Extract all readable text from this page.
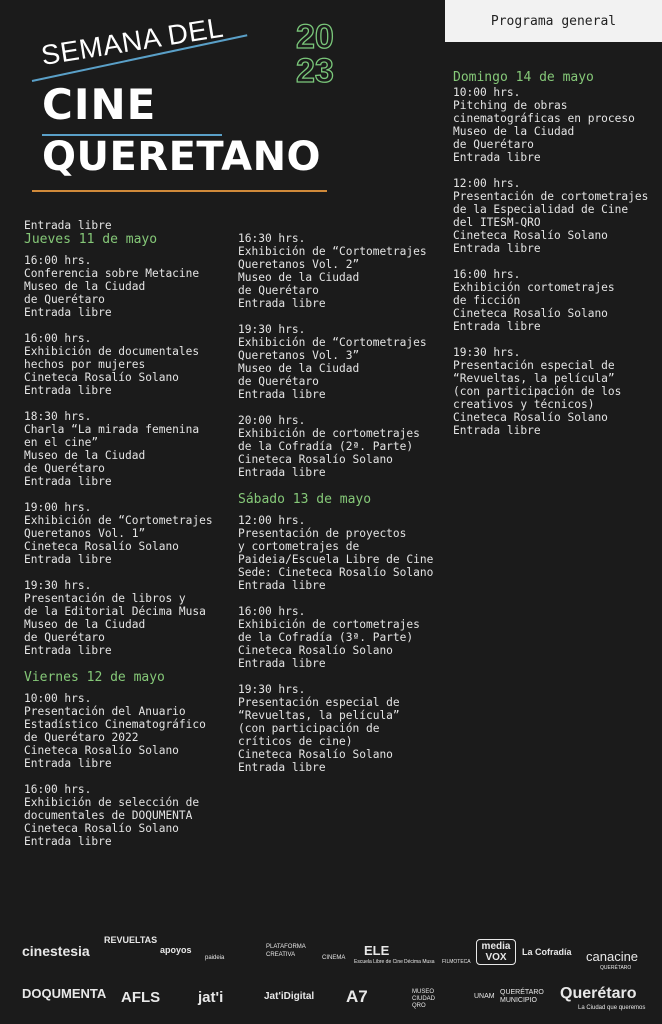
Programa general
SEMANA DEL
CINE
QUERETANO
20
23
Entrada libre
Jueves 11 de mayo
16:00 hrs.
Conferencia sobre Metacine
Museo de la Ciudad
de Querétaro
Entrada libre
16:00 hrs.
Exhibición de documentales
hechos por mujeres
Cineteca Rosalío Solano
Entrada libre
18:30 hrs.
Charla “La mirada femenina
en el cine”
Museo de la Ciudad
de Querétaro
Entrada libre
19:00 hrs.
Exhibición de “Cortometrajes
Queretanos Vol. 1”
Cineteca Rosalío Solano
Entrada libre
19:30 hrs.
Presentación de libros y
de la Editorial Décima Musa
Museo de la Ciudad
de Querétaro
Entrada libre
Viernes 12 de mayo
10:00 hrs.
Presentación del Anuario
Estadístico Cinematográfico
de Querétaro 2022
Cineteca Rosalío Solano
Entrada libre
16:00 hrs.
Exhibición de selección de
documentales de DOQUMENTA
Cineteca Rosalío Solano
Entrada libre
16:30 hrs.
Exhibición de “Cortometrajes
Queretanos Vol. 2”
Museo de la Ciudad
de Querétaro
Entrada libre
19:30 hrs.
Exhibición de “Cortometrajes
Queretanos Vol. 3”
Museo de la Ciudad
de Querétaro
Entrada libre
20:00 hrs.
Exhibición de cortometrajes
de la Cofradía (2ª. Parte)
Cineteca Rosalío Solano
Entrada libre
Sábado 13 de mayo
12:00 hrs.
Presentación de proyectos
y cortometrajes de
Paideia/Escuela Libre de Cine
Sede: Cineteca Rosalío Solano
Entrada libre
16:00 hrs.
Exhibición de cortometrajes
de la Cofradía (3ª. Parte)
Cineteca Rosalío Solano
Entrada libre
19:30 hrs.
Presentación especial de
“Revueltas, la película”
(con participación de
críticos de cine)
Cineteca Rosalío Solano
Entrada libre
Domingo 14 de mayo
10:00 hrs.
Pitching de obras
cinematográficas en proceso
Museo de la Ciudad
de Querétaro
Entrada libre
12:00 hrs.
Presentación de cortometrajes
de la Especialidad de Cine
del ITESM-QRO
Cineteca Rosalío Solano
Entrada libre
16:00 hrs.
Exhibición cortometrajes
de ficción
Cineteca Rosalío Solano
Entrada libre
19:30 hrs.
Presentación especial de
“Revueltas, la película”
(con participación de los
creativos y técnicos)
Cineteca Rosalío Solano
Entrada libre
cinestesia
REVUELTAS
apoyos
paideia
PLATAFORMA CREATIVA	CINEMA ELE
Escuela Libre de Cine Décima Musa FILMOTECA
media VOX	La Cofradía canacine
QUERÉTARO
DOQUMENTA AFLS	jat'i	Jat'iDigital A7	MUSEO CIUDAD QRO
UNAM
QUERÉTARO MUNICIPIO	Querétaro
La Ciudad que queremos
